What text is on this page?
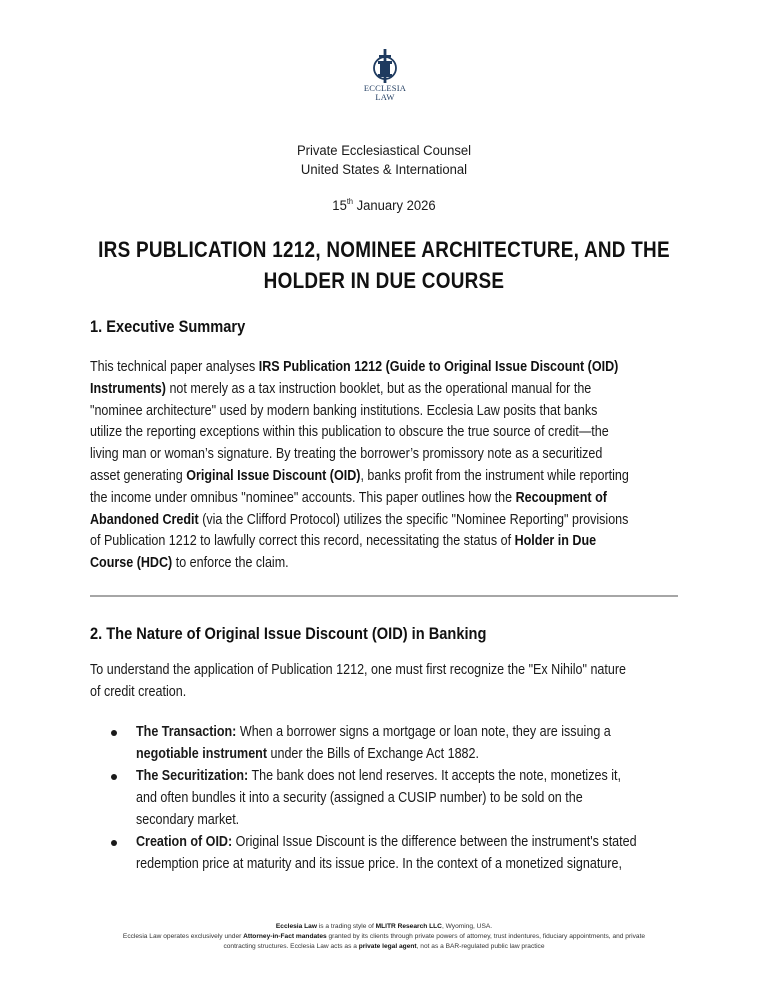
ECCLESIA
LAW
Private Ecclesiastical Counsel
United States & International
15th January 2026
IRS PUBLICATION 1212, NOMINEE ARCHITECTURE, AND THE
HOLDER IN DUE COURSE
1. Executive Summary
This technical paper analyses IRS Publication 1212 (Guide to Original Issue Discount (OID)
Instruments) not merely as a tax instruction booklet, but as the operational manual for the
"nominee architecture" used by modern banking institutions. Ecclesia Law posits that banks
utilize the reporting exceptions within this publication to obscure the true source of credit—the
living man or woman’s signature. By treating the borrower’s promissory note as a securitized
asset generating Original Issue Discount (OID), banks profit from the instrument while reporting
the income under omnibus "nominee" accounts. This paper outlines how the Recoupment of
Abandoned Credit (via the Clifford Protocol) utilizes the specific "Nominee Reporting" provisions
of Publication 1212 to lawfully correct this record, necessitating the status of Holder in Due
Course (HDC) to enforce the claim.
2. The Nature of Original Issue Discount (OID) in Banking
To understand the application of Publication 1212, one must first recognize the "Ex Nihilo" nature
of credit creation.
The Transaction: When a borrower signs a mortgage or loan note, they are issuing a
negotiable instrument under the Bills of Exchange Act 1882.
The Securitization: The bank does not lend reserves. It accepts the note, monetizes it,
and often bundles it into a security (assigned a CUSIP number) to be sold on the
secondary market.
Creation of OID: Original Issue Discount is the difference between the instrument's stated
redemption price at maturity and its issue price. In the context of a monetized signature,
Ecclesia Law is a trading style of MLITR Research LLC, Wyoming, USA.
Ecclesia Law operates exclusively under Attorney-in-Fact mandates granted by its clients through private powers of attorney, trust indentures, fiduciary appointments, and private
contracting structures. Ecclesia Law acts as a private legal agent, not as a BAR-regulated public law practice
